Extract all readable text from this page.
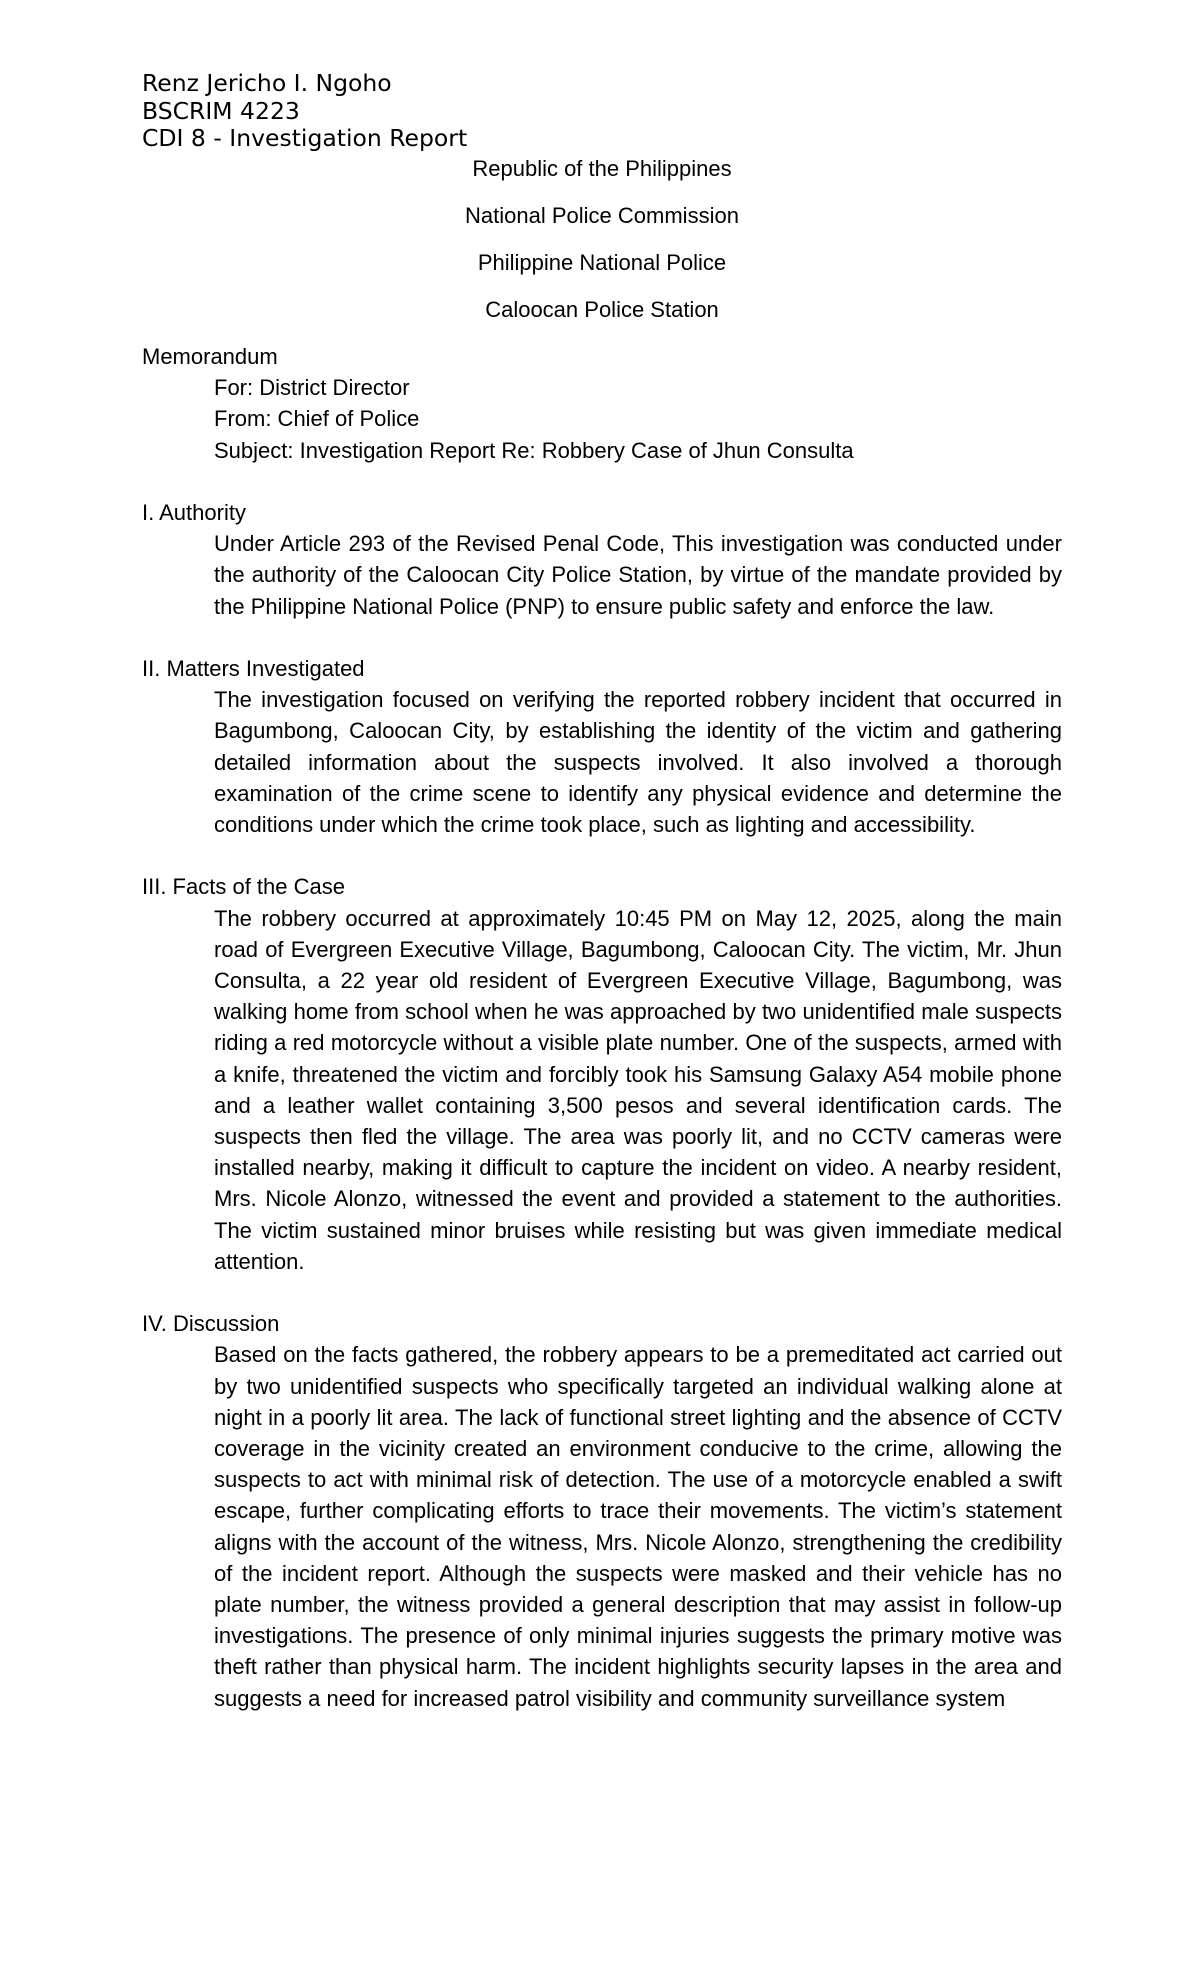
Renz Jericho I. Ngoho
BSCRIM 4223
CDI 8 - Investigation Report
Republic of the Philippines
National Police Commission
Philippine National Police
Caloocan Police Station
Memorandum
For: District Director
From: Chief of Police
Subject: Investigation Report Re: Robbery Case of Jhun Consulta
I. Authority
Under Article 293 of the Revised Penal Code, This investigation was conducted under the authority of the Caloocan City Police Station, by virtue of the mandate provided by the Philippine National Police (PNP) to ensure public safety and enforce the law.
II. Matters Investigated
The investigation focused on verifying the reported robbery incident that occurred in Bagumbong, Caloocan City, by establishing the identity of the victim and gathering detailed information about the suspects involved. It also involved a thorough examination of the crime scene to identify any physical evidence and determine the conditions under which the crime took place, such as lighting and accessibility.
III. Facts of the Case
The robbery occurred at approximately 10:45 PM on May 12, 2025, along the main road of Evergreen Executive Village, Bagumbong, Caloocan City. The victim, Mr. Jhun Consulta, a 22 year old resident of Evergreen Executive Village, Bagumbong, was walking home from school when he was approached by two unidentified male suspects riding a red motorcycle without a visible plate number. One of the suspects, armed with a knife, threatened the victim and forcibly took his Samsung Galaxy A54 mobile phone and a leather wallet containing 3,500 pesos and several identification cards. The suspects then fled the village. The area was poorly lit, and no CCTV cameras were installed nearby, making it difficult to capture the incident on video. A nearby resident, Mrs. Nicole Alonzo, witnessed the event and provided a statement to the authorities. The victim sustained minor bruises while resisting but was given immediate medical attention.
IV. Discussion
Based on the facts gathered, the robbery appears to be a premeditated act carried out by two unidentified suspects who specifically targeted an individual walking alone at night in a poorly lit area. The lack of functional street lighting and the absence of CCTV coverage in the vicinity created an environment conducive to the crime, allowing the suspects to act with minimal risk of detection. The use of a motorcycle enabled a swift escape, further complicating efforts to trace their movements. The victim’s statement aligns with the account of the witness, Mrs. Nicole Alonzo, strengthening the credibility of the incident report. Although the suspects were masked and their vehicle has no plate number, the witness provided a general description that may assist in follow-up investigations. The presence of only minimal injuries suggests the primary motive was theft rather than physical harm. The incident highlights security lapses in the area and suggests a need for increased patrol visibility and community surveillance system
